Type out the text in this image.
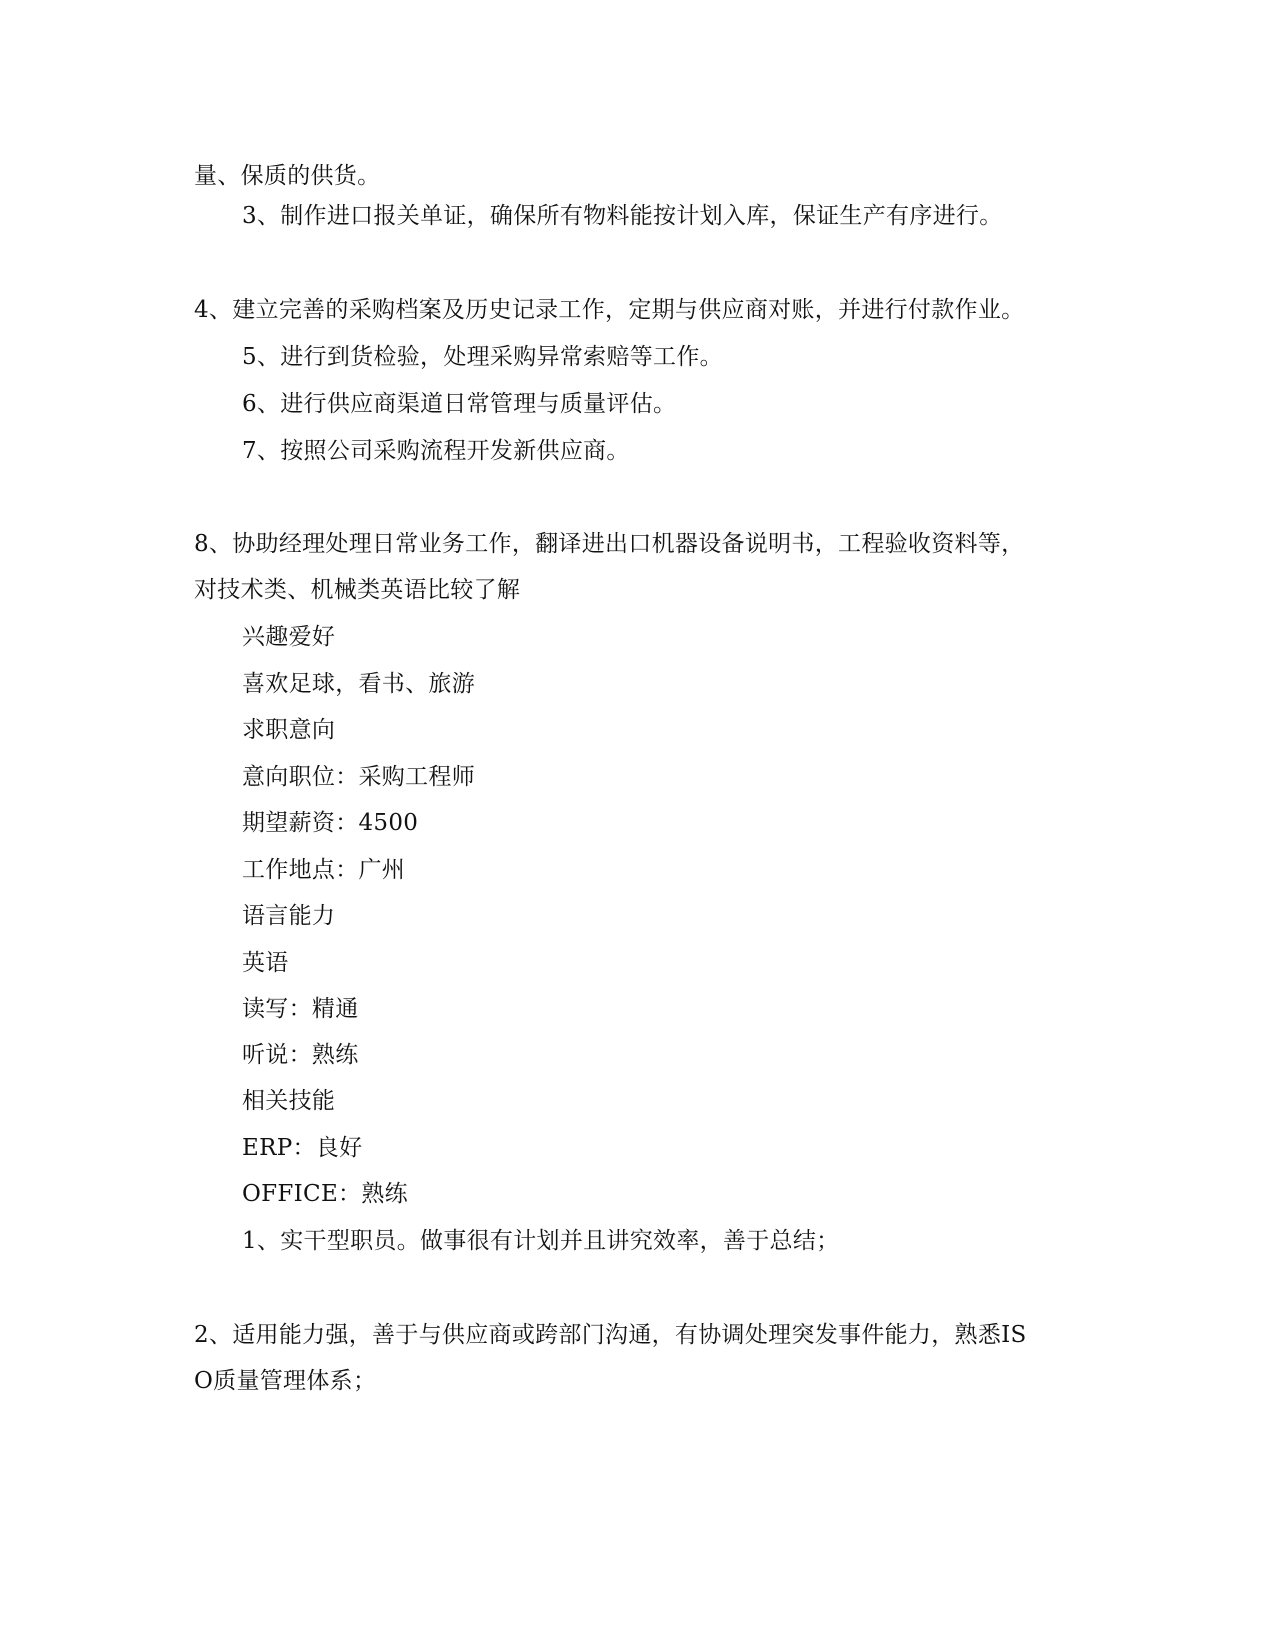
量、保质的供货。
3、制作进口报关单证，确保所有物料能按计划入库，保证生产有序进行。
4、建立完善的采购档案及历史记录工作，定期与供应商对账，并进行付款作业。
5、进行到货检验，处理采购异常索赔等工作。
6、进行供应商渠道日常管理与质量评估。
7、按照公司采购流程开发新供应商。
8、协助经理处理日常业务工作，翻译进出口机器设备说明书，工程验收资料等，
对技术类、机械类英语比较了解
兴趣爱好
喜欢足球，看书、旅游
求职意向
意向职位：采购工程师
期望薪资：4500
工作地点：广州
语言能力
英语
读写：精通
听说：熟练
相关技能
ERP：良好
OFFICE：熟练
1、实干型职员。做事很有计划并且讲究效率，善于总结；
2、适用能力强，善于与供应商或跨部门沟通，有协调处理突发事件能力，熟悉IS
O质量管理体系；
